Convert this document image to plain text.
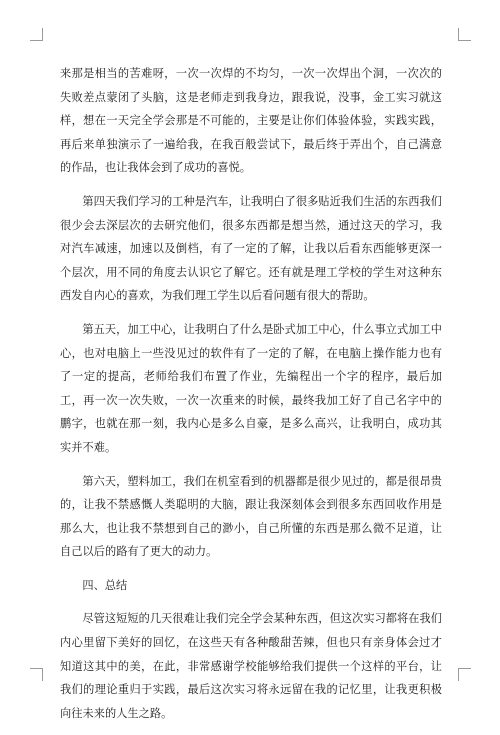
来那是相当的苦难呀，一次一次焊的不均匀，一次一次焊出个洞，一次次的失败差点蒙闭了头脑，这是老师走到我身边，跟我说，没事，金工实习就这样，想在一天完全学会那是不可能的，主要是让你们体验体验，实践实践，再后来单独演示了一遍给我，在我百般尝试下，最后终于弄出个，自己满意的作品，也让我体会到了成功的喜悦。

第四天我们学习的工种是汽车，让我明白了很多贴近我们生活的东西我们很少会去深层次的去研究他们，很多东西都是想当然，通过这天的学习，我对汽车减速，加速以及倒档，有了一定的了解，让我以后看东西能够更深一个层次，用不同的角度去认识它了解它。还有就是理工学校的学生对这种东西发自内心的喜欢，为我们理工学生以后看问题有很大的帮助。

第五天，加工中心，让我明白了什么是卧式加工中心，什么事立式加工中心，也对电脑上一些没见过的软件有了一定的了解，在电脑上操作能力也有了一定的提高，老师给我们布置了作业，先编程出一个字的程序，最后加工，再一次一次失败，一次一次重来的时候，最终我加工好了自己名字中的鹏字，也就在那一刻，我内心是多么自豪，是多么高兴，让我明白，成功其实并不难。

第六天，塑料加工，我们在机室看到的机器都是很少见过的，都是很昂贵的，让我不禁感慨人类聪明的大脑，跟让我深刻体会到很多东西回收作用是那么大，也让我不禁想到自己的渺小，自己所懂的东西是那么微不足道，让自己以后的路有了更大的动力。

四、总结

尽管这短短的几天很难让我们完全学会某种东西，但这次实习都将在我们内心里留下美好的回忆，在这些天有各种酸甜苦辣，但也只有亲身体会过才知道这其中的美，在此，非常感谢学校能够给我们提供一个这样的平台，让我们的理论重归于实践，最后这次实习将永远留在我的记忆里，让我更积极向往未来的人生之路。
